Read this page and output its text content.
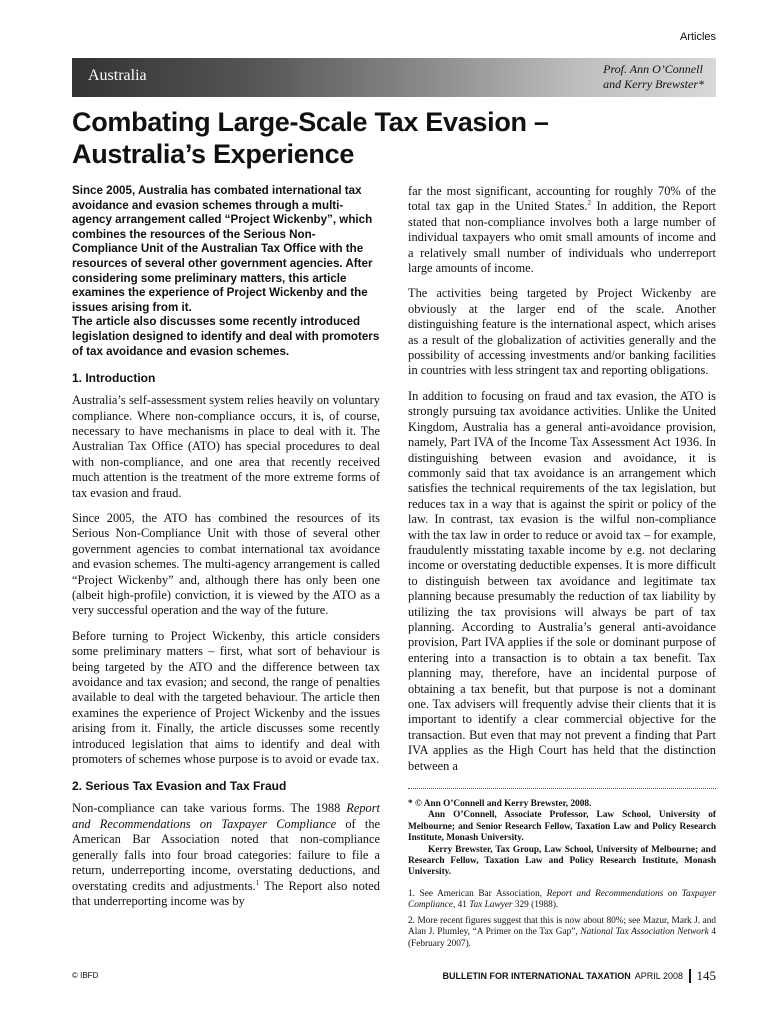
Articles
Australia	Prof. Ann O’Connell
and Kerry Brewster*
Combating Large-Scale Tax Evasion –
Australia’s Experience
Since 2005, Australia has combated international tax avoidance and evasion schemes through a multi-agency arrangement called “Project Wickenby”, which combines the resources of the Serious Non-Compliance Unit of the Australian Tax Office with the resources of several other government agencies. After considering some preliminary matters, this article examines the experience of Project Wickenby and the issues arising from it.
The article also discusses some recently introduced legislation designed to identify and deal with promoters of tax avoidance and evasion schemes.
1. Introduction

Australia’s self-assessment system relies heavily on voluntary compliance. Where non-compliance occurs, it is, of course, necessary to have mechanisms in place to deal with it. The Australian Tax Office (ATO) has special procedures to deal with non-compliance, and one area that recently received much attention is the treatment of the more extreme forms of tax evasion and fraud.

Since 2005, the ATO has combined the resources of its Serious Non-Compliance Unit with those of several other government agencies to combat international tax avoidance and evasion schemes. The multi-agency arrangement is called “Project Wickenby” and, although there has only been one (albeit high-profile) conviction, it is viewed by the ATO as a very successful operation and the way of the future.

Before turning to Project Wickenby, this article considers some preliminary matters – first, what sort of behaviour is being targeted by the ATO and the difference between tax avoidance and tax evasion; and second, the range of penalties available to deal with the targeted behaviour. The article then examines the experience of Project Wickenby and the issues arising from it. Finally, the article discusses some recently introduced legislation that aims to identify and deal with promoters of schemes whose purpose is to avoid or evade tax.

2. Serious Tax Evasion and Tax Fraud

Non-compliance can take various forms. The 1988 Report and Recommendations on Taxpayer Compliance of the American Bar Association noted that non-compliance generally falls into four broad categories: failure to file a return, underreporting income, overstating deductions, and overstating credits and adjustments.$^1$ The Report also noted that underreporting income was by

far the most significant, accounting for roughly 70% of the total tax gap in the United States.$^2$ In addition, the Report stated that non-compliance involves both a large number of individual taxpayers who omit small amounts of income and a relatively small number of individuals who underreport large amounts of income.

The activities being targeted by Project Wickenby are obviously at the larger end of the scale. Another distinguishing feature is the international aspect, which arises as a result of the globalization of activities generally and the possibility of accessing investments and/or banking facilities in countries with less stringent tax and reporting obligations.

In addition to focusing on fraud and tax evasion, the ATO is strongly pursuing tax avoidance activities. Unlike the United Kingdom, Australia has a general anti-avoidance provision, namely, Part IVA of the Income Tax Assessment Act 1936. In distinguishing between evasion and avoidance, it is commonly said that tax avoidance is an arrangement which satisfies the technical requirements of the tax legislation, but reduces tax in a way that is against the spirit or policy of the law. In contrast, tax evasion is the wilful non-compliance with the tax law in order to reduce or avoid tax – for example, fraudulently misstating taxable income by e.g. not declaring income or overstating deductible expenses. It is more difficult to distinguish between tax avoidance and legitimate tax planning because presumably the reduction of tax liability by utilizing the tax provisions will always be part of tax planning. According to Australia’s general anti-avoidance provision, Part IVA applies if the sole or dominant purpose of entering into a transaction is to obtain a tax benefit. Tax planning may, therefore, have an incidental purpose of obtaining a tax benefit, but that purpose is not a dominant one. Tax advisers will frequently advise their clients that it is important to identify a clear commercial objective for the transaction. But even that may not prevent a finding that Part IVA applies as the High Court has held that the distinction between a

* © Ann O’Connell and Kerry Brewster, 2008.
Ann O’Connell, Associate Professor, Law School, University of Melbourne; and Senior Research Fellow, Taxation Law and Policy Research Institute, Monash University.
Kerry Brewster, Tax Group, Law School, University of Melbourne; and Research Fellow, Taxation Law and Policy Research Institute, Monash University.

1. See American Bar Association, Report and Recommendations on Taxpayer Compliance, 41 Tax Lawyer 329 (1988).

2. More recent figures suggest that this is now about 80%; see Mazur, Mark J. and Alan J. Plumley, “A Primer on the Tax Gap”, National Tax Association Network 4 (February 2007).

© IBFD	BULLETIN FOR INTERNATIONAL TAXATION APRIL 2008 145
